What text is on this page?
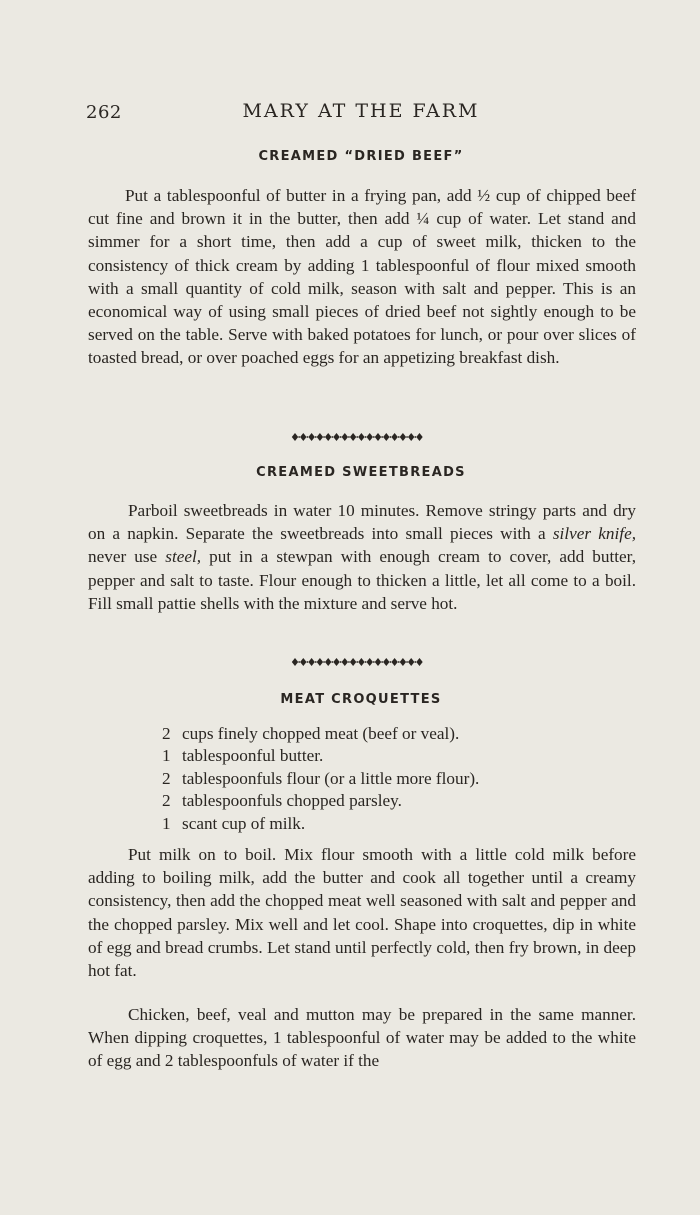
262	MARY AT THE FARM
CREAMED “DRIED BEEF”

Put a tablespoonful of butter in a frying pan, add ½ cup of chipped beef cut fine and brown it in the butter, then add ¼ cup of water. Let stand and simmer for a short time, then add a cup of sweet milk, thicken to the consistency of thick cream by adding 1 tablespoonful of flour mixed smooth with a small quantity of cold milk, season with salt and pepper. This is an economical way of using small pieces of dried beef not sightly enough to be served on the table. Serve with baked potatoes for lunch, or pour over slices of toasted bread, or over poached eggs for an appetizing breakfast dish.

CREAMED SWEETBREADS

Parboil sweetbreads in water 10 minutes. Remove stringy parts and dry on a napkin. Separate the sweetbreads into small pieces with a silver knife, never use steel, put in a stewpan with enough cream to cover, add butter, pepper and salt to taste. Flour enough to thicken a little, let all come to a boil. Fill small pattie shells with the mixture and serve hot.

MEAT CROQUETTES
2 cups finely chopped meat (beef or veal).
1 tablespoonful butter.
2 tablespoonfuls flour (or a little more flour).
2 tablespoonfuls chopped parsley.
1 scant cup of milk.

Put milk on to boil. Mix flour smooth with a little cold milk before adding to boiling milk, add the butter and cook all together until a creamy consistency, then add the chopped meat well seasoned with salt and pepper and the chopped parsley. Mix well and let cool. Shape into croquettes, dip in white of egg and bread crumbs. Let stand until perfectly cold, then fry brown, in deep hot fat.

Chicken, beef, veal and mutton may be prepared in the same manner. When dipping croquettes, 1 tablespoonful of water may be added to the white of egg and 2 tablespoonfuls of water if the
